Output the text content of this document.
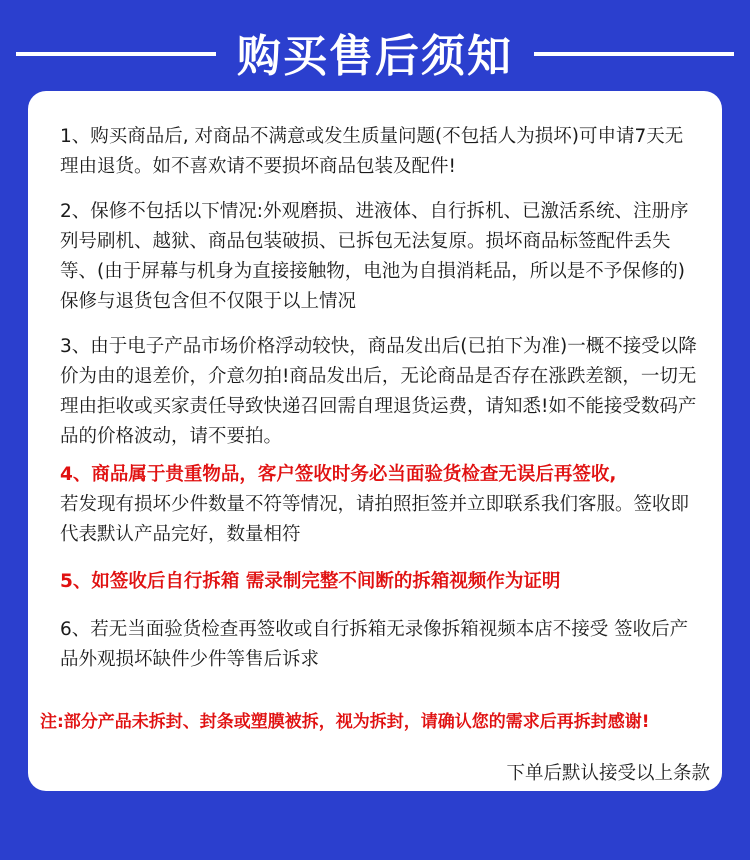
购买售后须知

1、购买商品后, 对商品不满意或发生质量问题(不包括人为损坏)可申请7天无理由退货。如不喜欢请不要损坏商品包装及配件!

2、保修不包括以下情况:外观磨损、进液体、自行拆机、已激活系统、注册序列号刷机、越狱、商品包装破损、已拆包无法复原。损坏商品标签配件丢失等、(由于屏幕与机身为直接接触物，电池为自損消耗品，所以是不予保修的)保修与退货包含但不仅限于以上情况

3、由于电子产品市场价格浮动较快，商品发出后(已拍下为准)一概不接受以降价为由的退差价，介意勿拍!商品发出后，无论商品是否存在涨跌差额，一切无理由拒收或买家责任导致快递召回需自理退货运费，请知悉!如不能接受数码产品的价格波动，请不要拍。

4、商品属于贵重物品，客户签收时务必当面验货检查无误后再签收,
若发现有损坏少件数量不符等情况，请拍照拒签并立即联系我们客服。签收即代表默认产品完好，数量相符

5、如签收后自行拆箱 需录制完整不间断的拆箱视频作为证明

6、若无当面验货检查再签收或自行拆箱无录像拆箱视频本店不接受 签收后产品外观损坏缺件少件等售后诉求

注:部分产品未拆封、封条或塑膜被拆，视为拆封，请确认您的需求后再拆封感谢!

下单后默认接受以上条款
